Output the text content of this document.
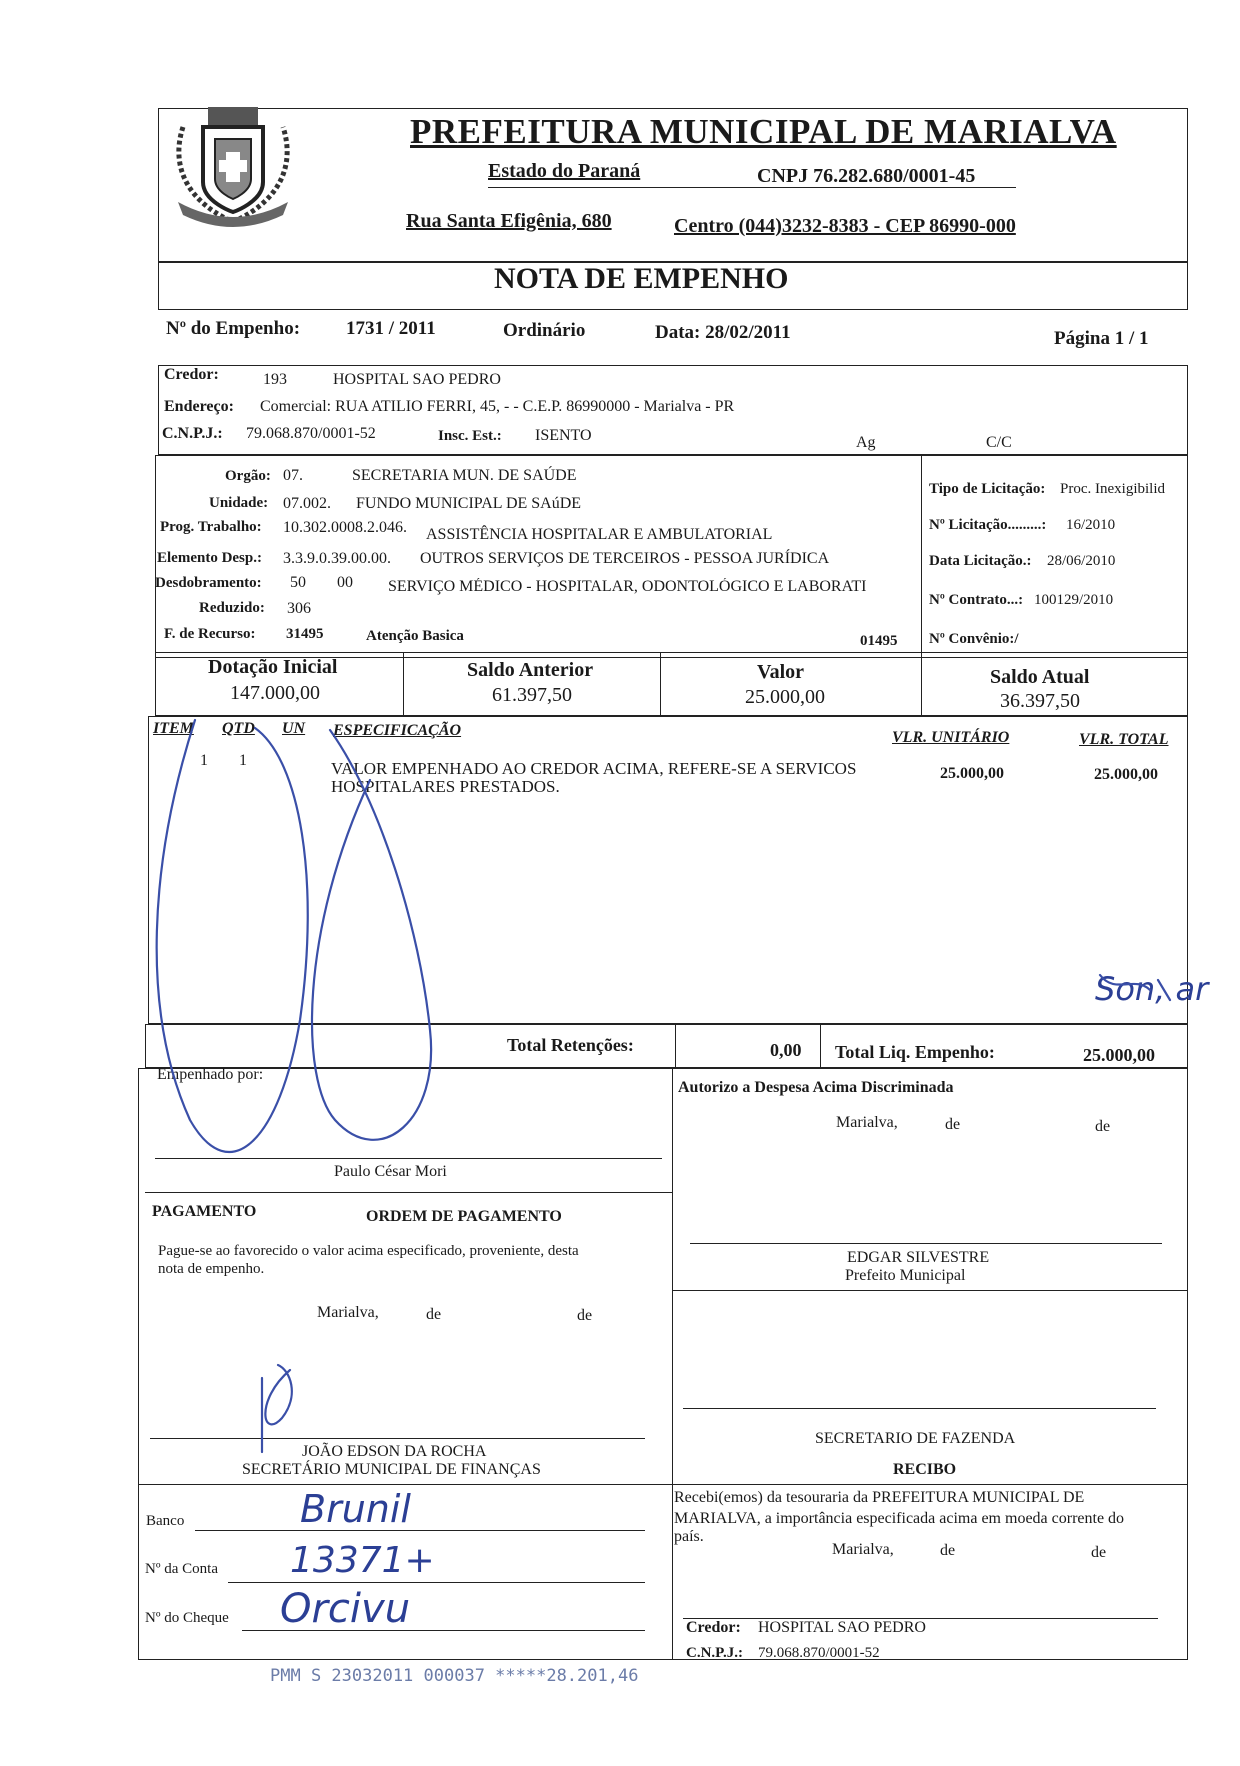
PREFEITURA MUNICIPAL DE MARIALVA
Estado do Paraná	CNPJ 76.282.680/0001-45
Rua Santa Efigênia, 680	Centro (044)3232-8383 - CEP 86990-000
NOTA DE EMPENHO
Nº do Empenho: 1731 / 2011	Ordinário	Data: 28/02/2011	Página 1 / 1
Credor:	193	HOSPITAL SAO PEDRO
Endereço: Comercial: RUA ATILIO FERRI, 45, - - C.E.P. 86990000 - Marialva - PR
C.N.P.J.: 79.068.870/0001-52	Insc. Est.: ISENTO	Ag	C/C
Orgão: 07.	SECRETARIA MUN. DE SAÚDE
Unidade: 07.002. FUNDO MUNICIPAL DE SAúDE
Prog. Trabalho: 10.302.0008.2.046. ASSISTÊNCIA HOSPITALAR E AMBULATORIAL
Elemento Desp.: 3.3.9.0.39.00.00. OUTROS SERVIÇOS DE TERCEIROS - PESSOA JURÍDICA
Desdobramento: 50 00 SERVIÇO MÉDICO - HOSPITALAR, ODONTOLÓGICO E LABORATI
Reduzido: 306
F. de Recurso: 31495	Atenção Basica	01495
Tipo de Licitação: Proc. Inexigibilid
Nº Licitação.........: 16/2010
Data Licitação.: 28/06/2010
Nº Contrato...: 100129/2010
Nº Convênio:/
Dotação Inicial
147.000,00
Saldo Anterior
61.397,50
Valor
25.000,00
Saldo Atual
36.397,50
ITEM QTD UN ESPECIFICAÇÃO	VLR. UNITÁRIO	VLR. TOTAL
1 1	VALOR EMPENHADO AO CREDOR ACIMA, REFERE-SE A SERVICOS
HOSPITALARES PRESTADOS.
25.000,00	25.000,00
Son, ar
Total Retenções:	0,00 Total Liq. Empenho:	25.000,00
Empenhado por:
Paulo César Mori
Autorizo a Despesa Acima Discriminada
Marialva,	de	de
PAGAMENTO	ORDEM DE PAGAMENTO
Pague-se ao favorecido o valor acima especificado, proveniente, desta
nota de empenho.
Marialva,	de	de
EDGAR SILVESTRE
Prefeito Municipal
JOÃO EDSON DA ROCHA
SECRETÁRIO MUNICIPAL DE FINANÇAS
SECRETARIO DE FAZENDA
RECIBO
Recebi(emos) da tesouraria da PREFEITURA MUNICIPAL DE
MARIALVA, a importância especificada acima em moeda corrente do
país.
Marialva,	de	de
Banco	Brunil
Nº da Conta 13371+
Nº do Cheque Orcivu	Credor: HOSPITAL SAO PEDRO
C.N.P.J.: 79.068.870/0001-52
PMM S 23032011 000037 *****28.201,46
